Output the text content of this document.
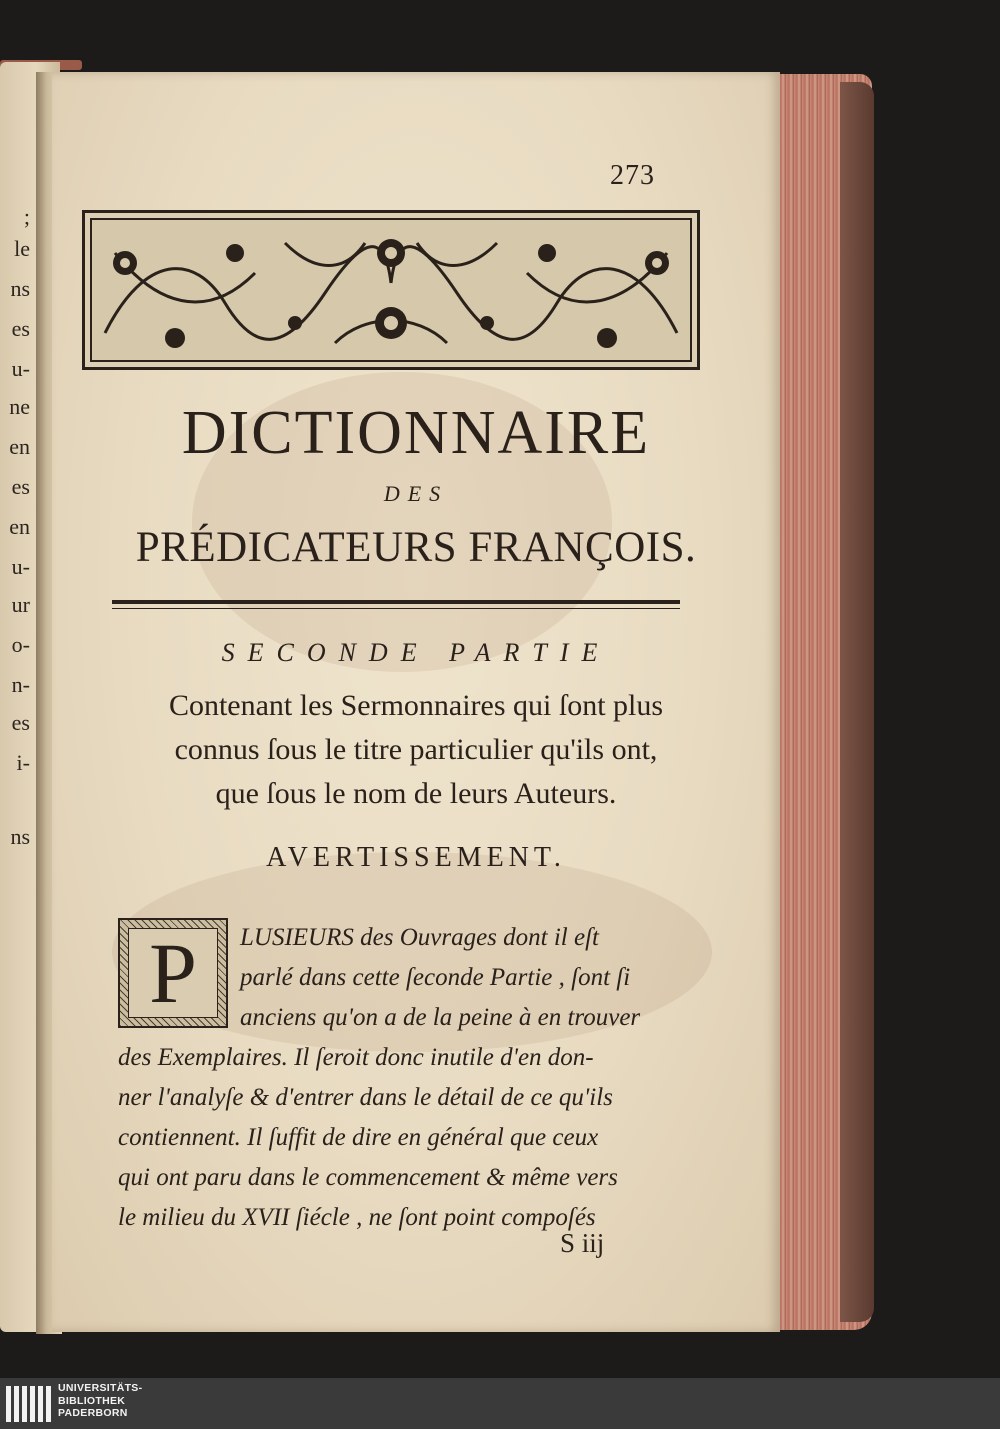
;
le
ns
es
u-
ne
en
es
en
u-
ur
o-
n-
es
i-
ns
273
DICTIONNAIRE
DES
PRÉDICATEURS FRANÇOIS.
SECONDE PARTIE
Contenant les Sermonnaires qui ſont plus
connus ſous le titre particulier qu'ils ont,
que ſous le nom de leurs Auteurs.
AVERTISSEMENT.
P	LUSIEURS des Ouvrages dont il eſt
parlé dans cette ſeconde Partie , ſont ſi
anciens qu'on a de la peine à en trouver
des Exemplaires. Il ſeroit donc inutile d'en don-
ner l'analyſe & d'entrer dans le détail de ce qu'ils
contiennent. Il ſuffit de dire en général que ceux
qui ont paru dans le commencement & même vers
le milieu du XVII ſiécle , ne ſont point compoſés
S iij
UNIVERSITÄTS-
BIBLIOTHEK
PADERBORN
